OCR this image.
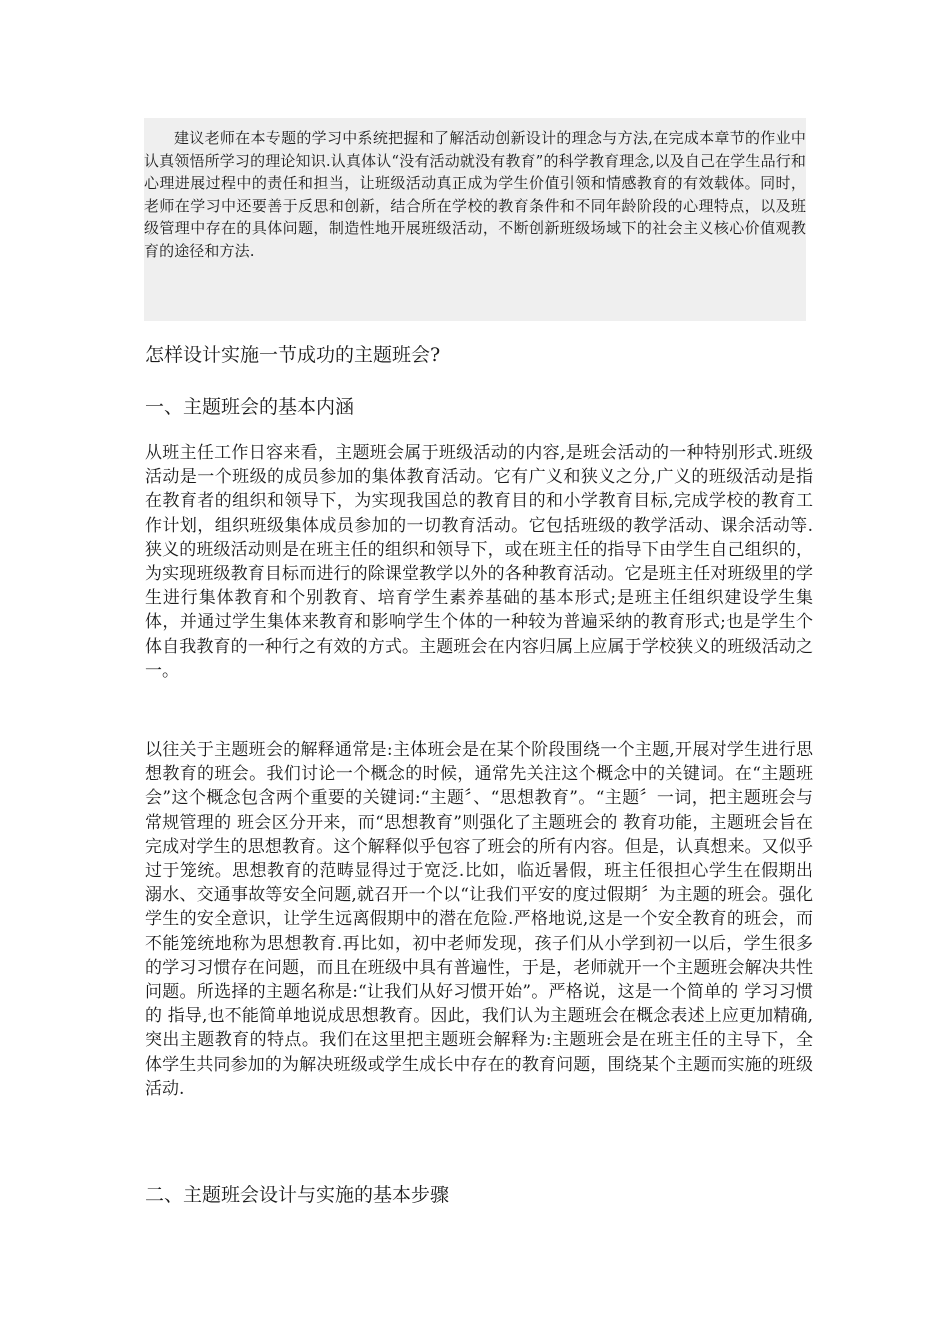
建议老师在本专题的学习中系统把握和了解活动创新设计的理念与方法,在完成本章节的作业中认真领悟所学习的理论知识.认真体认“没有活动就没有教育”的科学教育理念,以及自己在学生品行和心理进展过程中的责任和担当，让班级活动真正成为学生价值引领和情感教育的有效载体。同时，老师在学习中还要善于反思和创新，结合所在学校的教育条件和不同年龄阶段的心理特点，以及班级管理中存在的具体问题，制造性地开展班级活动，不断创新班级场域下的社会主义核心价值观教育的途径和方法.

怎样设计实施一节成功的主题班会?
一、主题班会的基本内涵

从班主任工作日容来看，主题班会属于班级活动的内容,是班会活动的一种特别形式.班级活动是一个班级的成员参加的集体教育活动。它有广义和狭义之分,广义的班级活动是指在教育者的组织和领导下，为实现我国总的教育目的和小学教育目标,完成学校的教育工作计划，组织班级集体成员参加的一切教育活动。它包括班级的教学活动、课余活动等.狭义的班级活动则是在班主任的组织和领导下，或在班主任的指导下由学生自己组织的，为实现班级教育目标而进行的除课堂教学以外的各种教育活动。它是班主任对班级里的学生进行集体教育和个别教育、培育学生素养基础的基本形式;是班主任组织建设学生集体，并通过学生集体来教育和影响学生个体的一种较为普遍采纳的教育形式;也是学生个体自我教育的一种行之有效的方式。主题班会在内容归属上应属于学校狭义的班级活动之一。

以往关于主题班会的解释通常是:主体班会是在某个阶段围绕一个主题,开展对学生进行思想教育的班会。我们讨论一个概念的时候，通常先关注这个概念中的关键词。在“主题班会”这个概念包含两个重要的关键词:“主题〞、“思想教育”。“主题〞一词，把主题班会与常规管理的 班会区分开来，而“思想教育”则强化了主题班会的 教育功能，主题班会旨在完成对学生的思想教育。这个解释似乎包容了班会的所有内容。但是，认真想来。又似乎过于笼统。思想教育的范畴显得过于宽泛.比如，临近暑假，班主任很担心学生在假期出溺水、交通事故等安全问题,就召开一个以“让我们平安的度过假期〞为主题的班会。强化学生的安全意识，让学生远离假期中的潜在危险.严格地说,这是一个安全教育的班会，而不能笼统地称为思想教育.再比如，初中老师发现，孩子们从小学到初一以后，学生很多的学习习惯存在问题，而且在班级中具有普遍性，于是，老师就开一个主题班会解决共性问题。所选择的主题名称是:“让我们从好习惯开始”。严格说，这是一个简单的 学习习惯的 指导,也不能简单地说成思想教育。因此，我们认为主题班会在概念表述上应更加精确,突出主题教育的特点。我们在这里把主题班会解释为:主题班会是在班主任的主导下，全体学生共同参加的为解决班级或学生成长中存在的教育问题，围绕某个主题而实施的班级活动.

二、主题班会设计与实施的基本步骤
